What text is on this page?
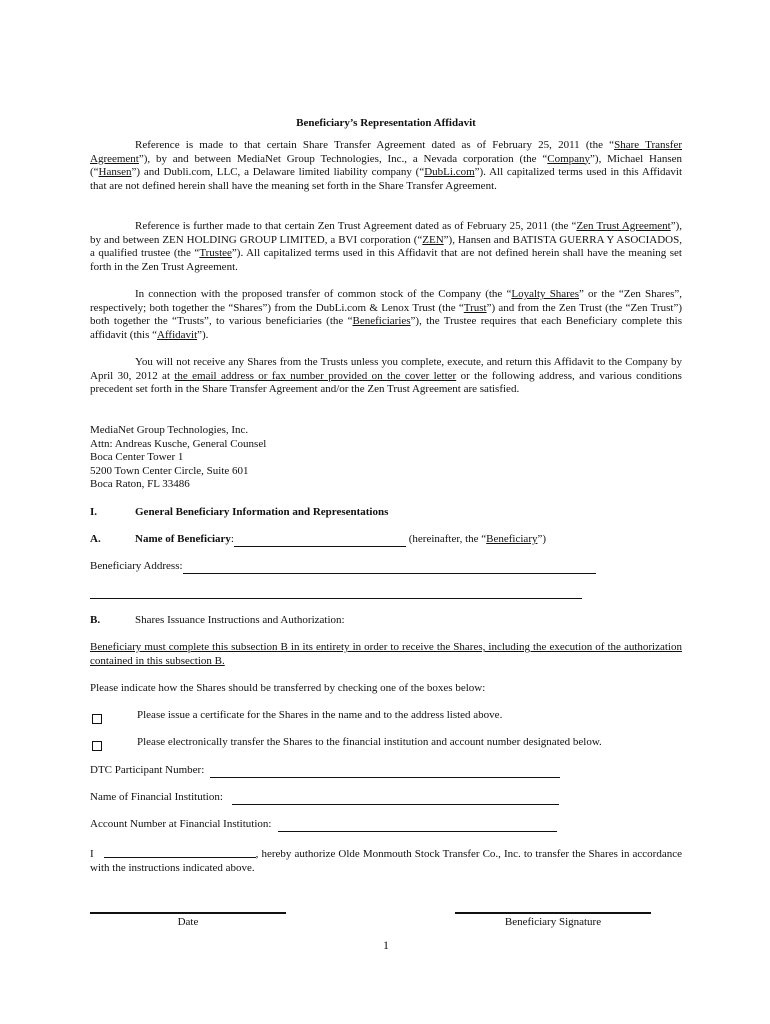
Beneficiary’s Representation Affidavit

Reference is made to that certain Share Transfer Agreement dated as of February 25, 2011 (the “Share Transfer Agreement”), by and between MediaNet Group Technologies, Inc., a Nevada corporation (the “Company”), Michael Hansen (“Hansen”) and Dubli.com, LLC, a Delaware limited liability company (“DubLi.com”). All capitalized terms used in this Affidavit that are not defined herein shall have the meaning set forth in the Share Transfer Agreement.

Reference is further made to that certain Zen Trust Agreement dated as of February 25, 2011 (the “Zen Trust Agreement”), by and between ZEN HOLDING GROUP LIMITED, a BVI corporation (“ZEN”), Hansen and BATISTA GUERRA Y ASOCIADOS, a qualified trustee (the “Trustee”). All capitalized terms used in this Affidavit that are not defined herein shall have the meaning set forth in the Zen Trust Agreement.

In connection with the proposed transfer of common stock of the Company (the “Loyalty Shares” or the “Zen Shares”, respectively; both together the “Shares”) from the DubLi.com & Lenox Trust (the “Trust”) and from the Zen Trust (the “Zen Trust”) both together the “Trusts”, to various beneficiaries (the “Beneficiaries”), the Trustee requires that each Beneficiary complete this affidavit (this “Affidavit”).

You will not receive any Shares from the Trusts unless you complete, execute, and return this Affidavit to the Company by April 30, 2012 at the email address or fax number provided on the cover letter or the following address, and various conditions precedent set forth in the Share Transfer Agreement and/or the Zen Trust Agreement are satisfied.

MediaNet Group Technologies, Inc.
Attn: Andreas Kusche, General Counsel
Boca Center Tower 1
5200 Town Center Circle, Suite 601
Boca Raton, FL 33486
I.	General Beneficiary Information and Representations
A.	Name of Beneficiary :	(hereinafter, the “ Beneficiary ”)
Beneficiary Address:
B.	Shares Issuance Instructions and Authorization:

Beneficiary must complete this subsection B in its entirety in order to receive the Shares, including the execution of the authorization contained in this subsection B.

Please indicate how the Shares should be transferred by checking one of the boxes below:
Please issue a certificate for the Shares in the name and to the address listed above.
Please electronically transfer the Shares to the financial institution and account number designated below.
DTC Participant Number:
Name of Financial Institution:
Account Number at Financial Institution:

I	, hereby authorize Olde Monmouth Stock Transfer Co., Inc. to transfer the Shares in accordance with the instructions indicated above.

Date	Beneficiary Signature
1
